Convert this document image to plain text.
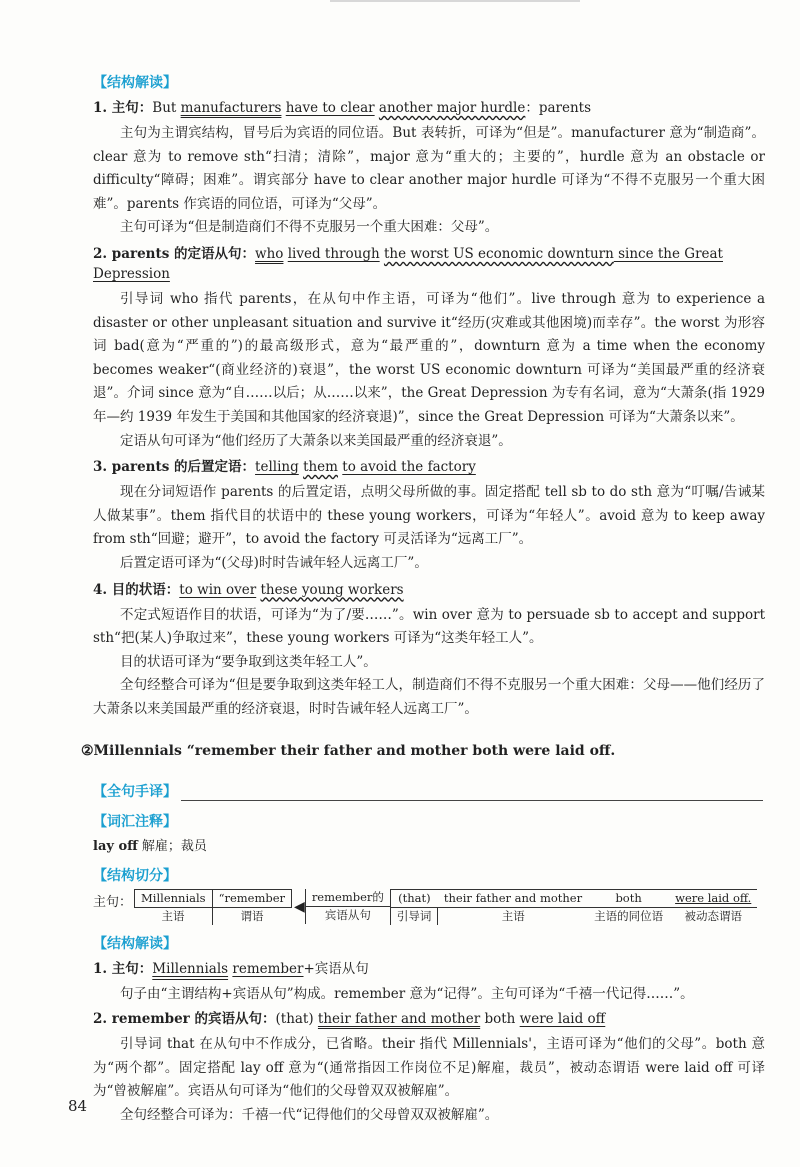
【结构解读】
1. 主句：But manufacturers have to clear another major hurdle：parents

主句为主谓宾结构，冒号后为宾语的同位语。But 表转折，可译为“但是”。manufacturer 意为“制造商”。clear 意为 to remove sth“扫清；清除”，major 意为“重大的；主要的”，hurdle 意为 an obstacle or difficulty“障碍；困难”。谓宾部分 have to clear another major hurdle 可译为“不得不克服另一个重大困难”。parents 作宾语的同位语，可译为“父母”。

主句可译为“但是制造商们不得不克服另一个重大困难：父母”。

2. parents 的定语从句：who lived through the worst US economic downturn since the Great Depression

引导词 who 指代 parents，在从句中作主语，可译为“他们”。live through 意为 to experience a disaster or other unpleasant situation and survive it“经历(灾难或其他困境)而幸存”。the worst 为形容词 bad(意为“严重的”)的最高级形式，意为“最严重的”，downturn 意为 a time when the economy becomes weaker“(商业经济的)衰退”，the worst US economic downturn 可译为“美国最严重的经济衰退”。介词 since 意为“自……以后；从……以来”，the Great Depression 为专有名词，意为“大萧条(指 1929 年—约 1939 年发生于美国和其他国家的经济衰退)”，since the Great Depression 可译为“大萧条以来”。

定语从句可译为“他们经历了大萧条以来美国最严重的经济衰退”。

3. parents 的后置定语：telling them to avoid the factory

现在分词短语作 parents 的后置定语，点明父母所做的事。固定搭配 tell sb to do sth 意为“叮嘱/告诫某人做某事”。them 指代目的状语中的 these young workers，可译为“年轻人”。avoid 意为 to keep away from sth“回避；避开”，to avoid the factory 可灵活译为“远离工厂”。

后置定语可译为“(父母)时时告诫年轻人远离工厂”。

4. 目的状语：to win over these young workers

不定式短语作目的状语，可译为“为了/要……”。win over 意为 to persuade sb to accept and support sth“把(某人)争取过来”，these young workers 可译为“这类年轻工人”。

目的状语可译为“要争取到这类年轻工人”。

全句经整合可译为“但是要争取到这类年轻工人，制造商们不得不克服另一个重大困难：父母——他们经历了大萧条以来美国最严重的经济衰退，时时告诫年轻人远离工厂”。

②Millennials “remember their father and mother both were laid off.
【全句手译】
【词汇注释】
lay off 解雇；裁员
【结构切分】
主句： Millennials	“remember
主语	谓语
◀
remember的
宾语从句
(that)	their father and mother	both	were laid off.
引导词	主语	主语的同位语	被动态谓语
【结构解读】
1. 主句：Millennials remember+宾语从句

句子由“主谓结构+宾语从句”构成。remember 意为“记得”。主句可译为“千禧一代记得……”。

2. remember 的宾语从句：(that) their father and mother both were laid off

引导词 that 在从句中不作成分，已省略。their 指代 Millennials'，主语可译为“他们的父母”。both 意为“两个都”。固定搭配 lay off 意为“(通常指因工作岗位不足)解雇，裁员”，被动态谓语 were laid off 可译为“曾被解雇”。宾语从句可译为“他们的父母曾双双被解雇”。

全句经整合可译为：千禧一代“记得他们的父母曾双双被解雇”。

84
